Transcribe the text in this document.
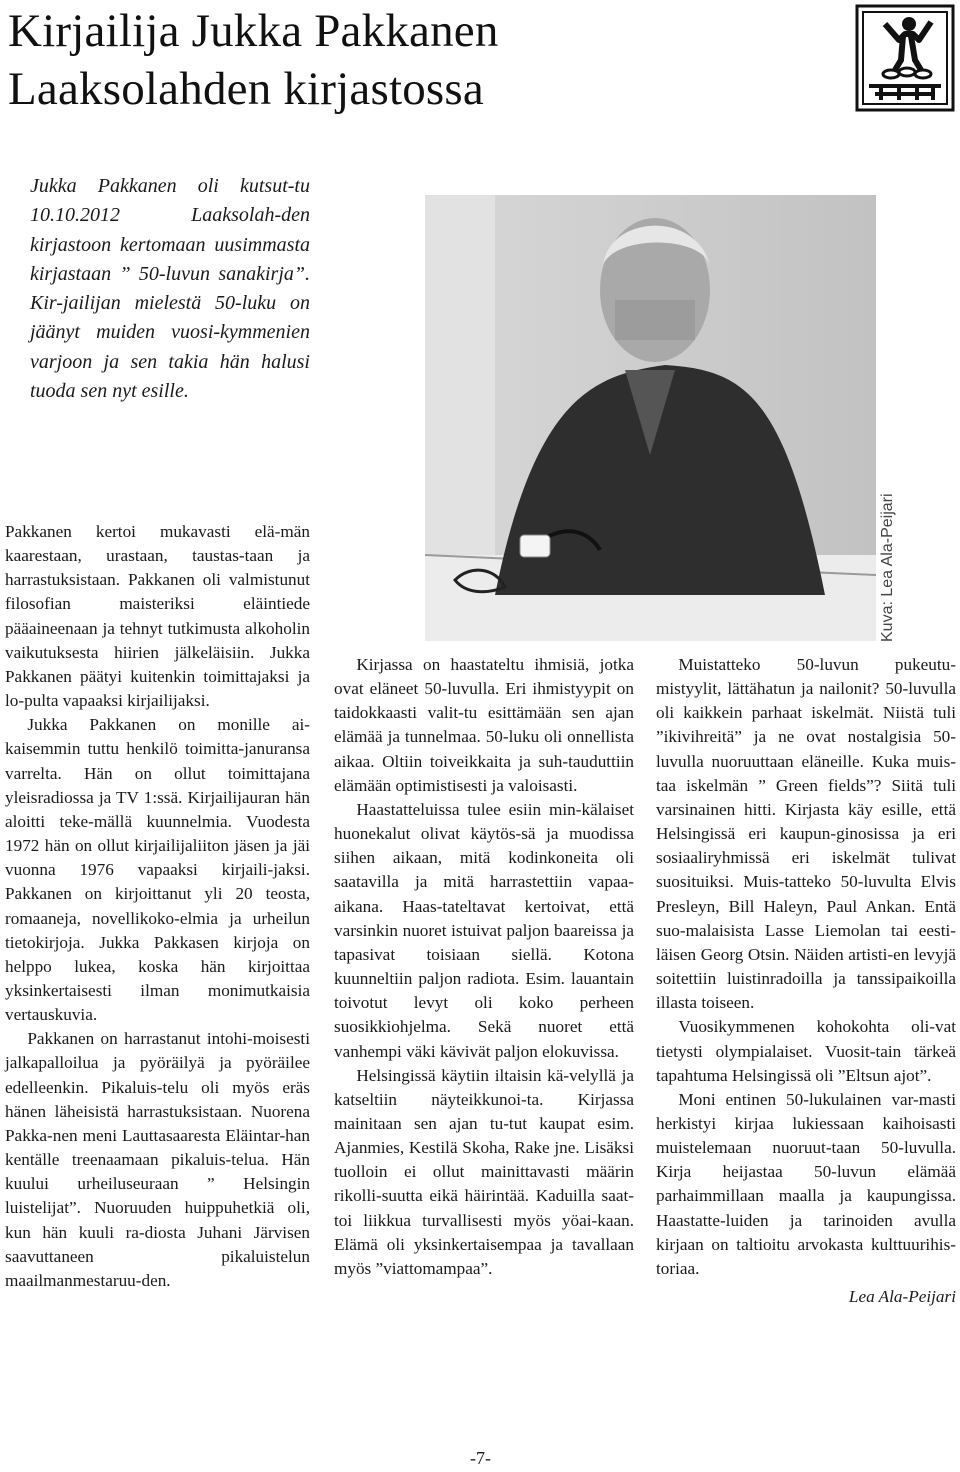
Kirjailija Jukka Pakkanen
Laaksolahden kirjastossa

Jukka Pakkanen oli kutsut-tu 10.10.2012 Laaksolah-den kirjastoon kertomaan uusimmasta kirjastaan ” 50-luvun sanakirja”. Kir-jailijan mielestä 50-luku on jäänyt muiden vuosi-kymmenien varjoon ja sen takia hän halusi tuoda sen nyt esille.

Kuva: Lea Ala-Peijari

Pakkanen kertoi mukavasti elä-män kaarestaan, urastaan, taustas-taan ja harrastuksistaan. Pakkanen oli valmistunut filosofian maisteriksi eläintiede pääaineenaan ja tehnyt tutkimusta alkoholin vaikutuksesta hiirien jälkeläisiin. Jukka Pakkanen päätyi kuitenkin toimittajaksi ja lo-pulta vapaaksi kirjailijaksi.

Jukka Pakkanen on monille ai-kaisemmin tuttu henkilö toimitta-januransa varrelta. Hän on ollut toimittajana yleisradiossa ja TV 1:ssä. Kirjailijauran hän aloitti teke-mällä kuunnelmia. Vuodesta 1972 hän on ollut kirjailijaliiton jäsen ja jäi vuonna 1976 vapaaksi kirjaili-jaksi. Pakkanen on kirjoittanut yli 20 teosta, romaaneja, novellikoko-elmia ja urheilun tietokirjoja. Jukka Pakkasen kirjoja on helppo lukea, koska hän kirjoittaa yksinkertaisesti ilman monimutkaisia vertauskuvia.

Pakkanen on harrastanut intohi-moisesti jalkapalloilua ja pyöräilyä ja pyöräilee edelleenkin. Pikaluis-telu oli myös eräs hänen läheisistä harrastuksistaan. Nuorena Pakka-nen meni Lauttasaaresta Eläintar-han kentälle treenaamaan pikaluis-telua. Hän kuului urheiluseuraan ” Helsingin luistelijat”. Nuoruuden huippuhetkiä oli, kun hän kuuli ra-diosta Juhani Järvisen saavuttaneen pikaluistelun maailmanmestaruu-den.

Kirjassa on haastateltu ihmisiä, jotka ovat eläneet 50-luvulla. Eri ihmistyypit on taidokkaasti valit-tu esittämään sen ajan elämää ja tunnelmaa. 50-luku oli onnellista aikaa. Oltiin toiveikkaita ja suh-tauduttiin elämään optimistisesti ja valoisasti.

Haastatteluissa tulee esiin min-kälaiset huonekalut olivat käytös-sä ja muodissa siihen aikaan, mitä kodinkoneita oli saatavilla ja mitä harrastettiin vapaa-aikana. Haas-tateltavat kertoivat, että varsinkin nuoret istuivat paljon baareissa ja tapasivat toisiaan siellä. Kotona kuunneltiin paljon radiota. Esim. lauantain toivotut levyt oli koko perheen suosikkiohjelma. Sekä nuoret että vanhempi väki kävivät paljon elokuvissa.

Helsingissä käytiin iltaisin kä-velyllä ja katseltiin näyteikkunoi-ta. Kirjassa mainitaan sen ajan tu-tut kaupat esim. Ajanmies, Kestilä Skoha, Rake jne. Lisäksi tuolloin ei ollut mainittavasti määrin rikolli-suutta eikä häirintää. Kaduilla saat-toi liikkua turvallisesti myös yöai-kaan. Elämä oli yksinkertaisempaa ja tavallaan myös ”viattomampaa”.

Muistatteko 50-luvun pukeutu-mistyylit, lättähatun ja nailonit? 50-luvulla oli kaikkein parhaat iskelmät. Niistä tuli ”ikivihreitä” ja ne ovat nostalgisia 50-luvulla nuoruuttaan eläneille. Kuka muis-taa iskelmän ” Green fields”? Siitä tuli varsinainen hitti. Kirjasta käy esille, että Helsingissä eri kaupun-ginosissa ja eri sosiaaliryhmissä eri iskelmät tulivat suosituiksi. Muis-tatteko 50-luvulta Elvis Presleyn, Bill Haleyn, Paul Ankan. Entä suo-malaisista Lasse Liemolan tai eesti-läisen Georg Otsin. Näiden artisti-en levyjä soitettiin luistinradoilla ja tanssipaikoilla illasta toiseen.

Vuosikymmenen kohokohta oli-vat tietysti olympialaiset. Vuosit-tain tärkeä tapahtuma Helsingissä oli ”Eltsun ajot”.

Moni entinen 50-lukulainen var-masti herkistyi kirjaa lukiessaan kaihoisasti muistelemaan nuoruut-taan 50-luvulla. Kirja heijastaa 50-luvun elämää parhaimmillaan maalla ja kaupungissa. Haastatte-luiden ja tarinoiden avulla kirjaan on taltioitu arvokasta kulttuurihis-toriaa.

Lea Ala-Peijari

-7-
